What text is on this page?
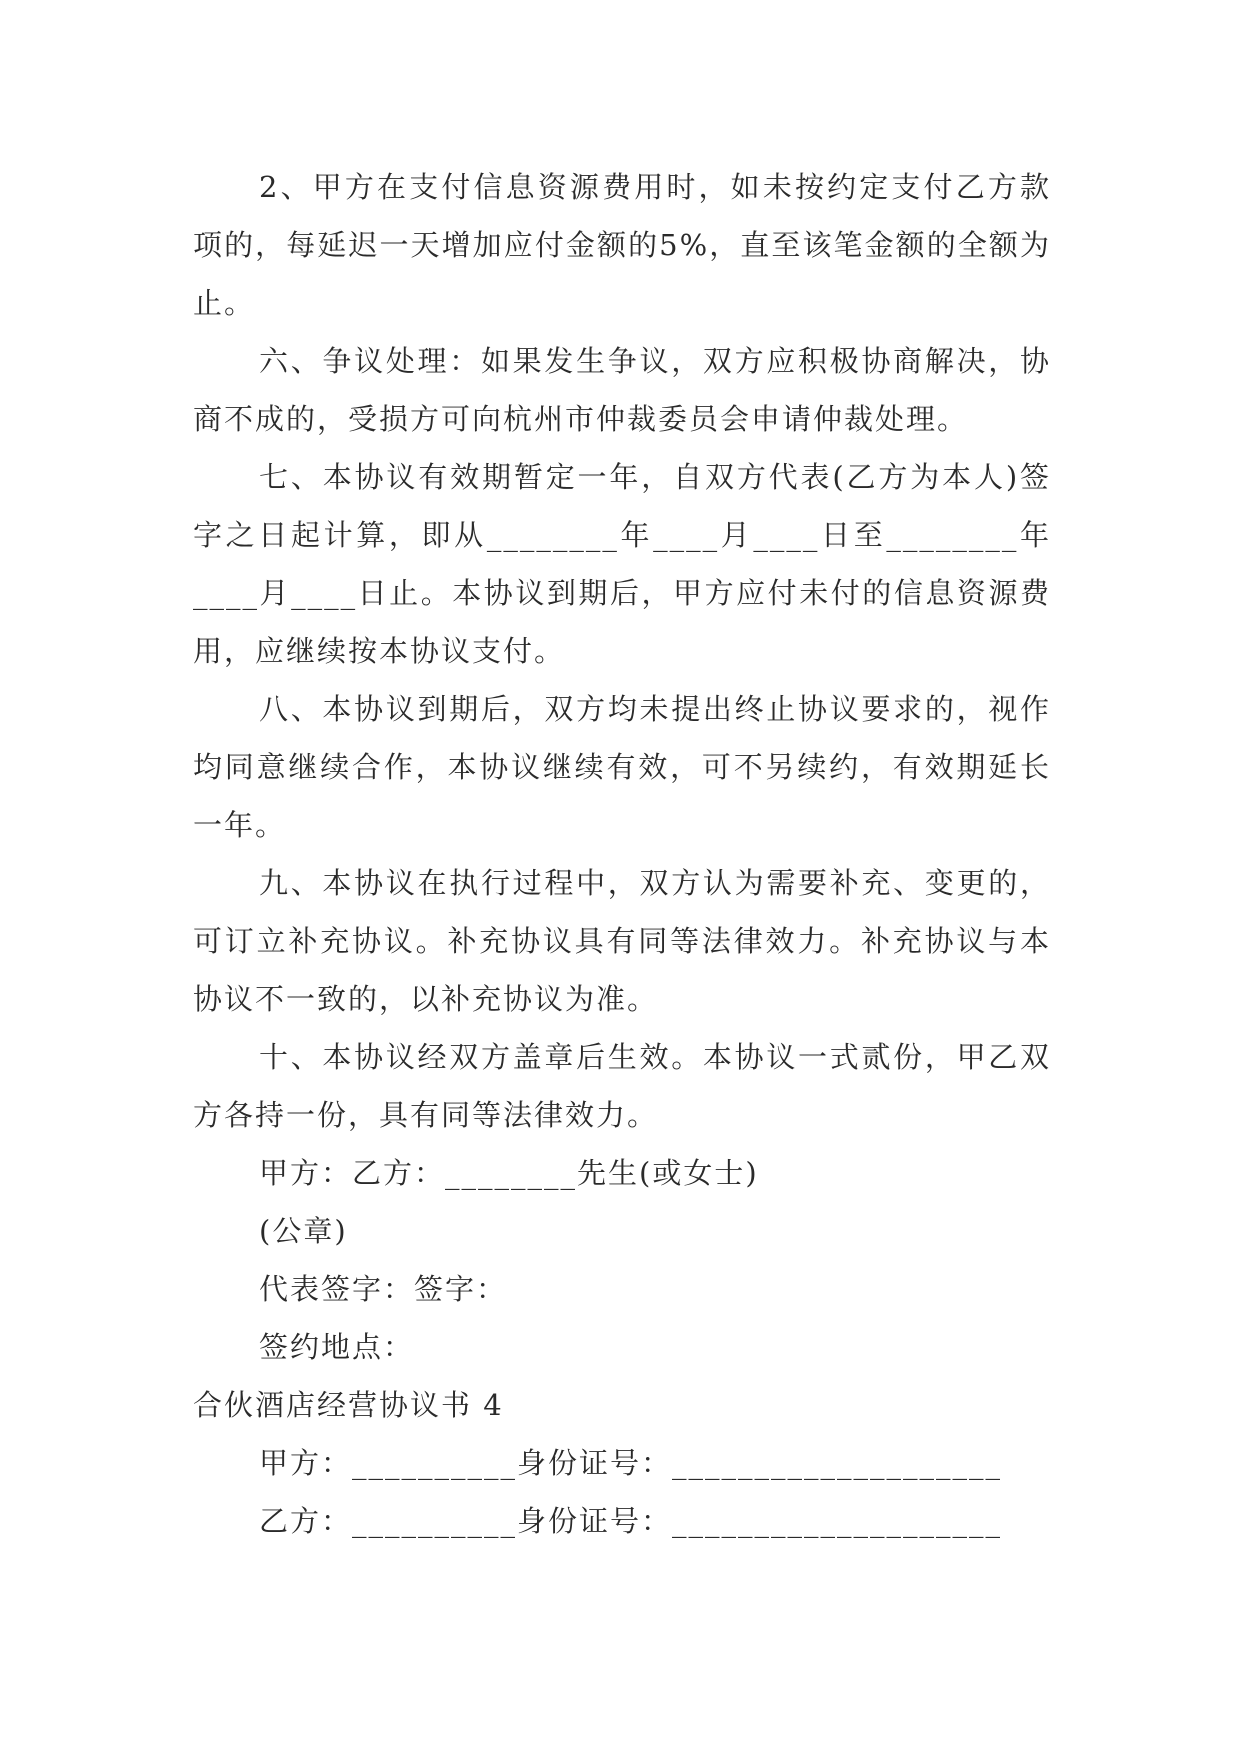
2、甲方在支付信息资源费用时，如未按约定支付乙方款项的，每延迟一天增加应付金额的5%，直至该笔金额的全额为止。

六、争议处理：如果发生争议，双方应积极协商解决，协商不成的，受损方可向杭州市仲裁委员会申请仲裁处理。

七、本协议有效期暂定一年，自双方代表(乙方为本人)签字之日起计算，即从________年____月____日至________年____月____日止。本协议到期后，甲方应付未付的信息资源费用，应继续按本协议支付。

八、本协议到期后，双方均未提出终止协议要求的，视作均同意继续合作，本协议继续有效，可不另续约，有效期延长一年。

九、本协议在执行过程中，双方认为需要补充、变更的，可订立补充协议。补充协议具有同等法律效力。补充协议与本协议不一致的，以补充协议为准。

十、本协议经双方盖章后生效。本协议一式贰份，甲乙双方各持一份，具有同等法律效力。

甲方：乙方：________先生(或女士)
(公章)
代表签字：签字：
签约地点：
合伙酒店经营协议书 4
甲方：__________身份证号：____________________
乙方：__________身份证号：____________________
